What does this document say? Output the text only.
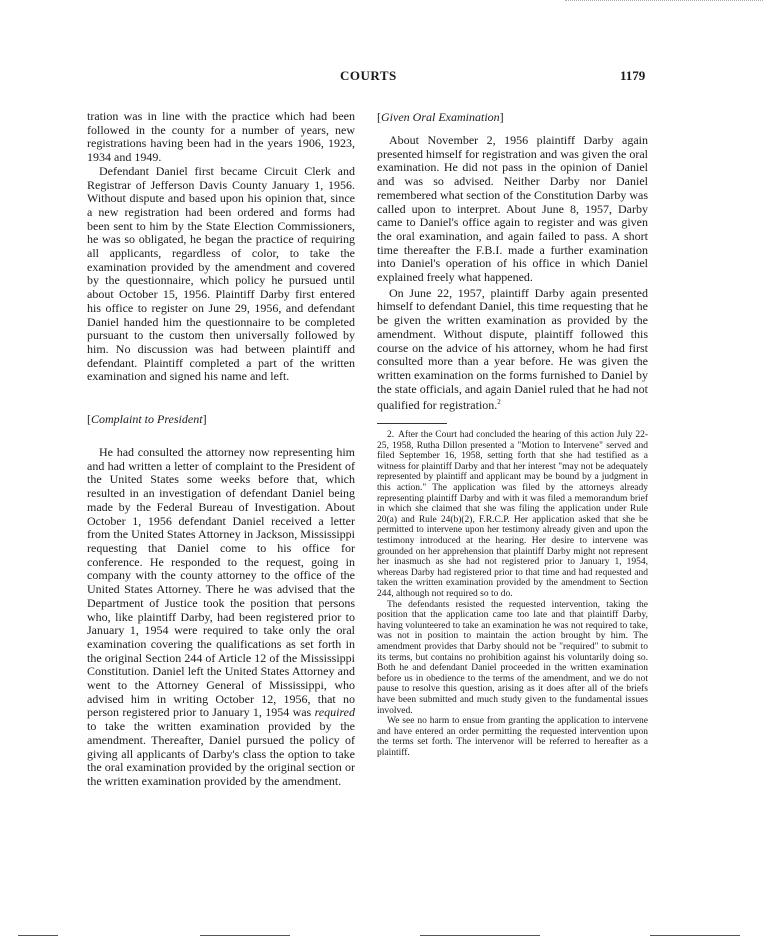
COURTS	1179

tration was in line with the practice which had been followed in the county for a number of years, new registrations having been had in the years 1906, 1923, 1934 and 1949.

Defendant Daniel first became Circuit Clerk and Registrar of Jefferson Davis County January 1, 1956. Without dispute and based upon his opinion that, since a new registration had been ordered and forms had been sent to him by the State Election Commissioners, he was so obligated, he began the practice of requiring all applicants, regardless of color, to take the examination provided by the amendment and covered by the questionnaire, which policy he pursued until about October 15, 1956. Plaintiff Darby first entered his office to register on June 29, 1956, and defendant Daniel handed him the questionnaire to be completed pursuant to the custom then universally followed by him. No discussion was had between plaintiff and defendant. Plaintiff completed a part of the written examination and signed his name and left.

[Complaint to President]

He had consulted the attorney now representing him and had written a letter of complaint to the President of the United States some weeks before that, which resulted in an investigation of defendant Daniel being made by the Federal Bureau of Investigation. About October 1, 1956 defendant Daniel received a letter from the United States Attorney in Jackson, Mississippi requesting that Daniel come to his office for conference. He responded to the request, going in company with the county attorney to the office of the United States Attorney. There he was advised that the Department of Justice took the position that persons who, like plaintiff Darby, had been registered prior to January 1, 1954 were required to take only the oral examination covering the qualifications as set forth in the original Section 244 of Article 12 of the Mississippi Constitution. Daniel left the United States Attorney and went to the Attorney General of Mississippi, who advised him in writing October 12, 1956, that no person registered prior to January 1, 1954 was required to take the written examination provided by the amendment. Thereafter, Daniel pursued the policy of giving all applicants of Darby's class the option to take the oral examination provided by the original section or the written examination provided by the amendment.

[Given Oral Examination]

About November 2, 1956 plaintiff Darby again presented himself for registration and was given the oral examination. He did not pass in the opinion of Daniel and was so advised. Neither Darby nor Daniel remembered what section of the Constitution Darby was called upon to interpret. About June 8, 1957, Darby came to Daniel's office again to register and was given the oral examination, and again failed to pass. A short time thereafter the F.B.I. made a further examination into Daniel's operation of his office in which Daniel explained freely what happened.

On June 22, 1957, plaintiff Darby again presented himself to defendant Daniel, this time requesting that he be given the written examination as provided by the amendment. Without dispute, plaintiff followed this course on the advice of his attorney, whom he had first consulted more than a year before. He was given the written examination on the forms furnished to Daniel by the state officials, and again Daniel ruled that he had not qualified for registration.$^2$

2. After the Court had concluded the hearing of this action July 22-25, 1958, Rutha Dillon presented a "Motion to Intervene" served and filed September 16, 1958, setting forth that she had testified as a witness for plaintiff Darby and that her interest "may not be adequately represented by plaintiff and applicant may be bound by a judgment in this action." The application was filed by the attorneys already representing plaintiff Darby and with it was filed a memorandum brief in which she claimed that she was filing the application under Rule 20(a) and Rule 24(b)(2), F.R.C.P. Her application asked that she be permitted to intervene upon her testimony already given and upon the testimony introduced at the hearing. Her desire to intervene was grounded on her apprehension that plaintiff Darby might not represent her inasmuch as she had not registered prior to January 1, 1954, whereas Darby had registered prior to that time and had requested and taken the written examination provided by the amendment to Section 244, although not required so to do.

The defendants resisted the requested intervention, taking the position that the application came too late and that plaintiff Darby, having volunteered to take an examination he was not required to take, was not in position to maintain the action brought by him. The amendment provides that Darby should not be "required" to submit to its terms, but contains no prohibition against his voluntarily doing so. Both he and defendant Daniel proceeded in the written examination before us in obedience to the terms of the amendment, and we do not pause to resolve this question, arising as it does after all of the briefs have been submitted and much study given to the fundamental issues involved.

We see no harm to ensue from granting the application to intervene and have entered an order permitting the requested intervention upon the terms set forth. The intervenor will be referred to hereafter as a plaintiff.
